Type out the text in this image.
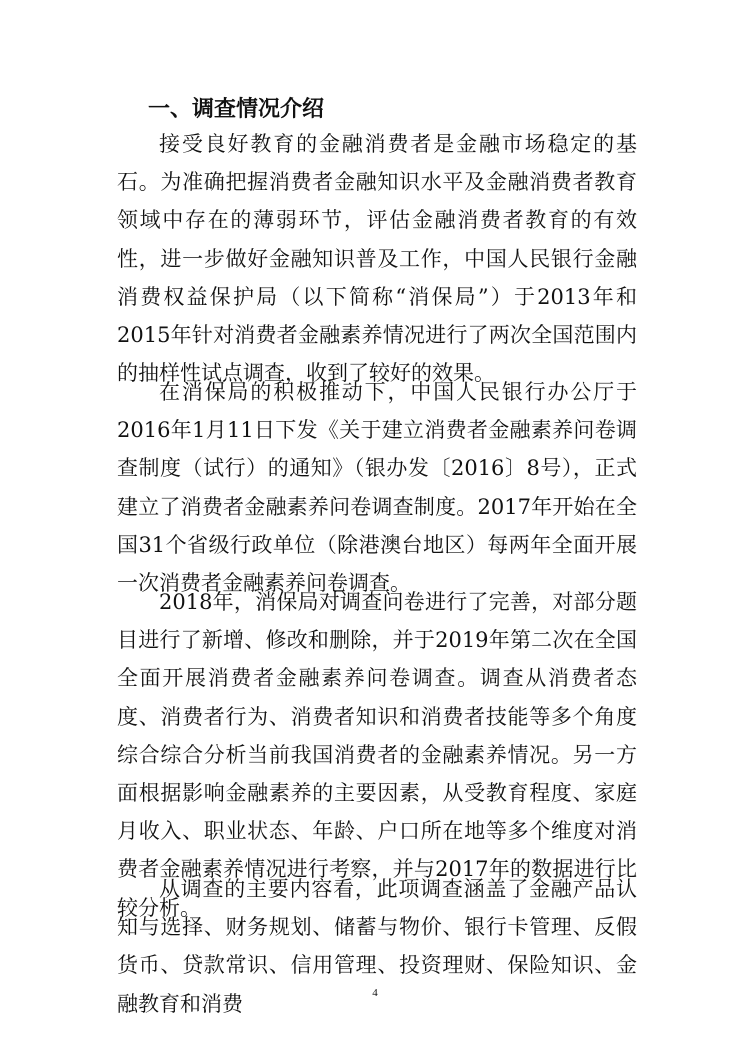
一、调查情况介绍

接受良好教育的金融消费者是金融市场稳定的基石。为准确把握消费者金融知识水平及金融消费者教育领域中存在的薄弱环节，评估金融消费者教育的有效性，进一步做好金融知识普及工作，中国人民银行金融消费权益保护局（以下简称“消保局”）于2013年和2015年针对消费者金融素养情况进行了两次全国范围内的抽样性试点调查，收到了较好的效果。

在消保局的积极推动下，中国人民银行办公厅于2016年1月11日下发《关于建立消费者金融素养问卷调查制度（试行）的通知》（银办发〔2016〕8号），正式建立了消费者金融素养问卷调查制度。2017年开始在全国31个省级行政单位（除港澳台地区）每两年全面开展一次消费者金融素养问卷调查。

2018年，消保局对调查问卷进行了完善，对部分题目进行了新增、修改和删除，并于2019年第二次在全国全面开展消费者金融素养问卷调查。调查从消费者态度、消费者行为、消费者知识和消费者技能等多个角度综合综合分析当前我国消费者的金融素养情况。另一方面根据影响金融素养的主要因素，从受教育程度、家庭月收入、职业状态、年龄、户口所在地等多个维度对消费者金融素养情况进行考察，并与2017年的数据进行比较分析。

从调查的主要内容看，此项调查涵盖了金融产品认知与选择、财务规划、储蓄与物价、银行卡管理、反假货币、贷款常识、信用管理、投资理财、保险知识、金融教育和消费	4
